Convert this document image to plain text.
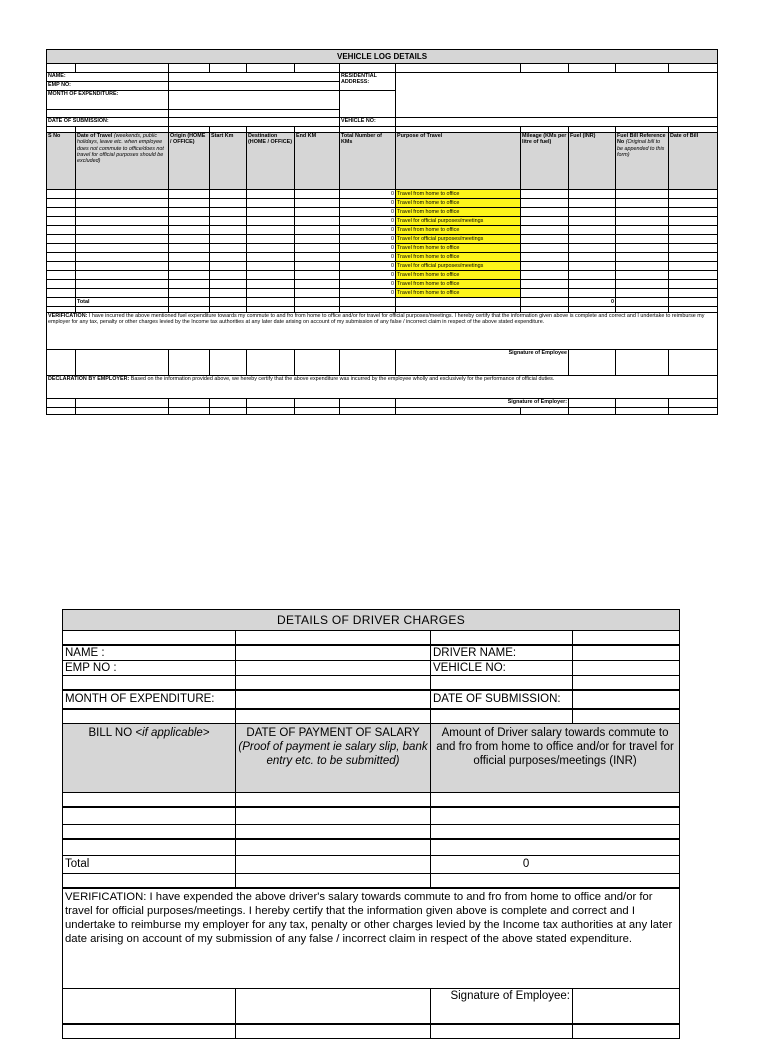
VEHICLE LOG DETAILS											

NAME:						RESIDENTIAL ADDRESS:					
EMP NO:											
MONTH OF EXPENDITURE:											

DATE OF SUBMISSION:						VEHICLE NO:					

S No	Date of Travel (weekends, public holidays, leave etc. when employee does not commute to office/does not travel for official purposes should be excluded)	Origin (HOME / OFFICE)	Start Km	Destination (HOME / OFFICE)	End KM	Total Number of KMs	Purpose of Travel	Mileage (KMs per litre of fuel)	Fuel (INR)	Fuel Bill Reference No (Original bill to be appended to this form)	Date of Bill
						0	Travel from home to office				
						0	Travel from home to office				
						0	Travel from home to office				
						0	Travel for official purposes/meetings				
						0	Travel from home to office				
						0	Travel for official purposes/meetings				
						0	Travel from home to office				
						0	Travel from home to office				
						0	Travel for official purposes/meetings				
						0	Travel from home to office				
						0	Travel from home to office				
						0	Travel from home to office				
	Total								0		

VERIFICATION: I have incurred the above mentioned fuel expenditure towards my commute to and fro from home to office and/or for travel for official purposes/meetings. I hereby certify that the information given above is complete and correct and I undertake to reimburse my employer for any tax, penalty or other charges levied by the Income tax authorities at any later date arising on account of my submission of any false / incorrect claim in respect of the above stated expenditure.											
							Signature of Employee				
DECLARATION BY EMPLOYER: Based on the information provided above, we hereby certify that the above expenditure was incurred by the employee wholly and exclusively for the performance of official duties.											
							Signature of Employer:				

DETAILS OF DRIVER CHARGES			

NAME :		DRIVER NAME:	
EMP NO :		VEHICLE NO:	

MONTH OF EXPENDITURE:		DATE OF SUBMISSION:	

BILL NO <if applicable>	DATE OF PAYMENT OF SALARY (Proof of payment ie salary slip, bank entry etc. to be submitted)	Amount of Driver salary towards commute to and fro from home to office and/or for travel for official purposes/meetings (INR)	

Total		0	

VERIFICATION: I have expended the above driver's salary towards commute to and fro from home to office and/or for travel for official purposes/meetings. I hereby certify that the information given above is complete and correct and I undertake to reimburse my employer for any tax, penalty or other charges levied by the Income tax authorities at any later date arising on account of my submission of any false / incorrect claim in respect of the above stated expenditure.			
		Signature of Employee:	
